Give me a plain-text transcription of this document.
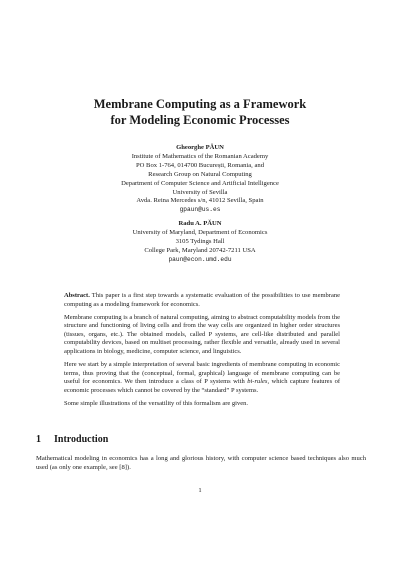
Membrane Computing as a Framework
for Modeling Economic Processes
Gheorghe PĂUN
Institute of Mathematics of the Romanian Academy
PO Box 1-764, 014700 București, Romania, and
Research Group on Natural Computing
Department of Computer Science and Artificial Intelligence
University of Sevilla
Avda. Reina Mercedes s/n, 41012 Sevilla, Spain
gpaun@us.es
Radu A. PĂUN
University of Maryland, Department of Economics
3105 Tydings Hall
College Park, Maryland 20742-7211 USA
paun@econ.umd.edu

Abstract. This paper is a first step towards a systematic evaluation of the possibilities to use membrane computing as a modeling framework for economics.

Membrane computing is a branch of natural computing, aiming to abstract computability models from the structure and functioning of living cells and from the way cells are organized in higher order structures (tissues, organs, etc.). The obtained models, called P systems, are cell-like distributed and parallel computability devices, based on multiset processing, rather flexible and versatile, already used in several applications in biology, medicine, computer science, and linguistics.

Here we start by a simple interpretation of several basic ingredients of membrane computing in economic terms, thus proving that the (conceptual, formal, graphical) language of membrane computing can be useful for economics. We then introduce a class of P systems with bi-rules, which capture features of economic processes which cannot be covered by the “standard” P systems.

Some simple illustrations of the versatility of this formalism are given.

1 Introduction
Mathematical modeling in economics has a long and glorious history, with computer science based techniques also much used (as only one example, see [8]).
1
